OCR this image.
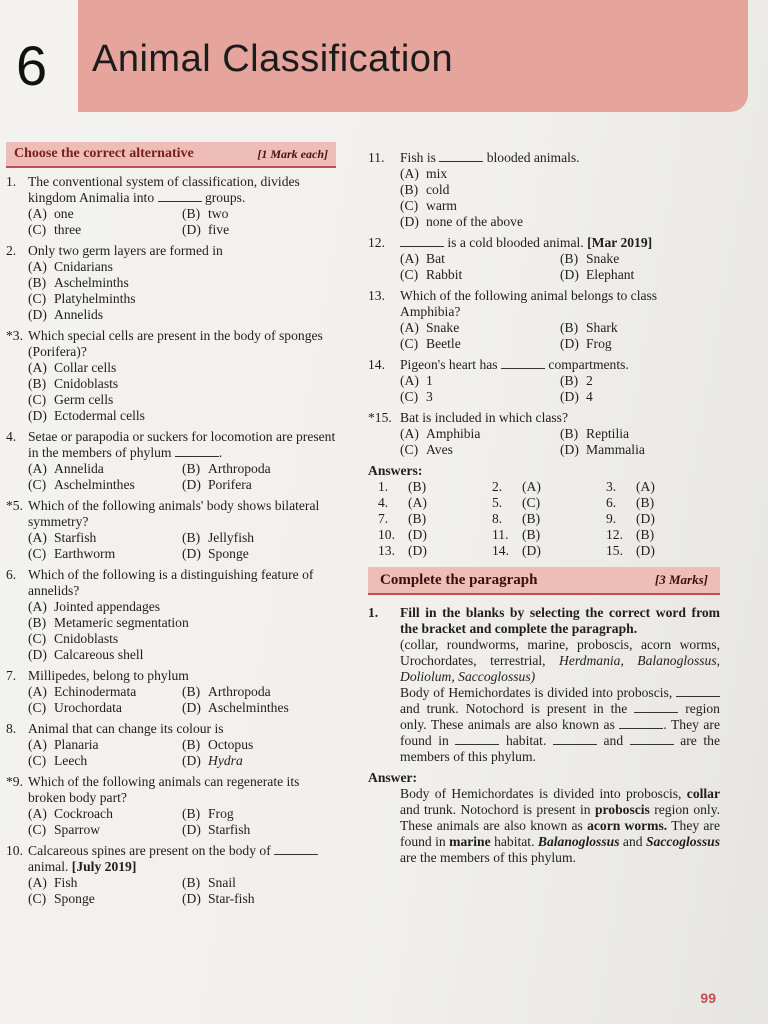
6 Animal Classification
Choose the correct alternative	[1 Mark each]
1. The conventional system of classification, divides kingdom Animalia into	groups.
(A) one	(B) two
(C) three	(D) five
2. Only two germ layers are formed in
(A) Cnidarians
(B) Aschelminths
(C) Platyhelminths
(D) Annelids
*3. Which special cells are present in the body of sponges (Porifera)?
(A) Collar cells
(B) Cnidoblasts
(C) Germ cells
(D) Ectodermal cells
4. Setae or parapodia or suckers for locomotion are present in the members of phylum	.
(A) Annelida	(B) Arthropoda
(C) Aschelminthes	(D) Porifera
*5. Which of the following animals' body shows bilateral symmetry?
(A) Starfish	(B) Jellyfish
(C) Earthworm	(D) Sponge
6. Which of the following is a distinguishing feature of annelids?
(A) Jointed appendages
(B) Metameric segmentation
(C) Cnidoblasts
(D) Calcareous shell
7. Millipedes, belong to phylum
(A) Echinodermata	(B) Arthropoda
(C) Urochordata	(D) Aschelminthes
8. Animal that can change its colour is
(A) Planaria	(B) Octopus
(C) Leech	(D) Hydra
*9. Which of the following animals can regenerate its broken body part?
(A) Cockroach	(B) Frog
(C) Sparrow	(D) Starfish
10. Calcareous spines are present on the body of  animal. [July 2019]
(A) Fish	(B) Snail
(C) Sponge	(D) Star-fish
11.	Fish is	blooded animals.
(A) mix
(B) cold
(C) warm
(D) none of the above
12.	is a cold blooded animal. [Mar 2019]
(A) Bat	(B) Snake
(C) Rabbit	(D) Elephant
13.	Which of the following animal belongs to class Amphibia?
(A) Snake	(B) Shark
(C) Beetle	(D) Frog
14.	Pigeon's heart has	compartments.
(A) 1	(B) 2
(C) 3	(D) 4
*15. Bat is included in which class?
(A) Amphibia	(B) Reptilia
(C) Aves	(D) Mammalia
Answers:
1.	(B)	2.	(A)	3.	(A)
4.	(A)	5.	(C)	6.	(B)
7.	(B)	8.	(B)	9.	(D)
10. (D)	11. (B)	12. (B)
13. (D)	14. (D)	15. (D)
Complete the paragraph	[3 Marks]
1.	Fill in the blanks by selecting the correct word from the bracket and complete the paragraph.
(collar, roundworms, marine, proboscis, acorn worms, Urochordates, terrestrial, Herdmania, Balanoglossus, Doliolum, Saccoglossus)
Body of Hemichordates is divided into proboscis,  and trunk. Notochord is present in the	region only. These animals are also known as	. They are found in	habitat.	and	are the members of this phylum.
Answer:
Body of Hemichordates is divided into proboscis, collar and trunk. Notochord is present in proboscis region only. These animals are also known as acorn worms. They are found in marine habitat. Balanoglossus and Saccoglossus are the members of this phylum.
99
